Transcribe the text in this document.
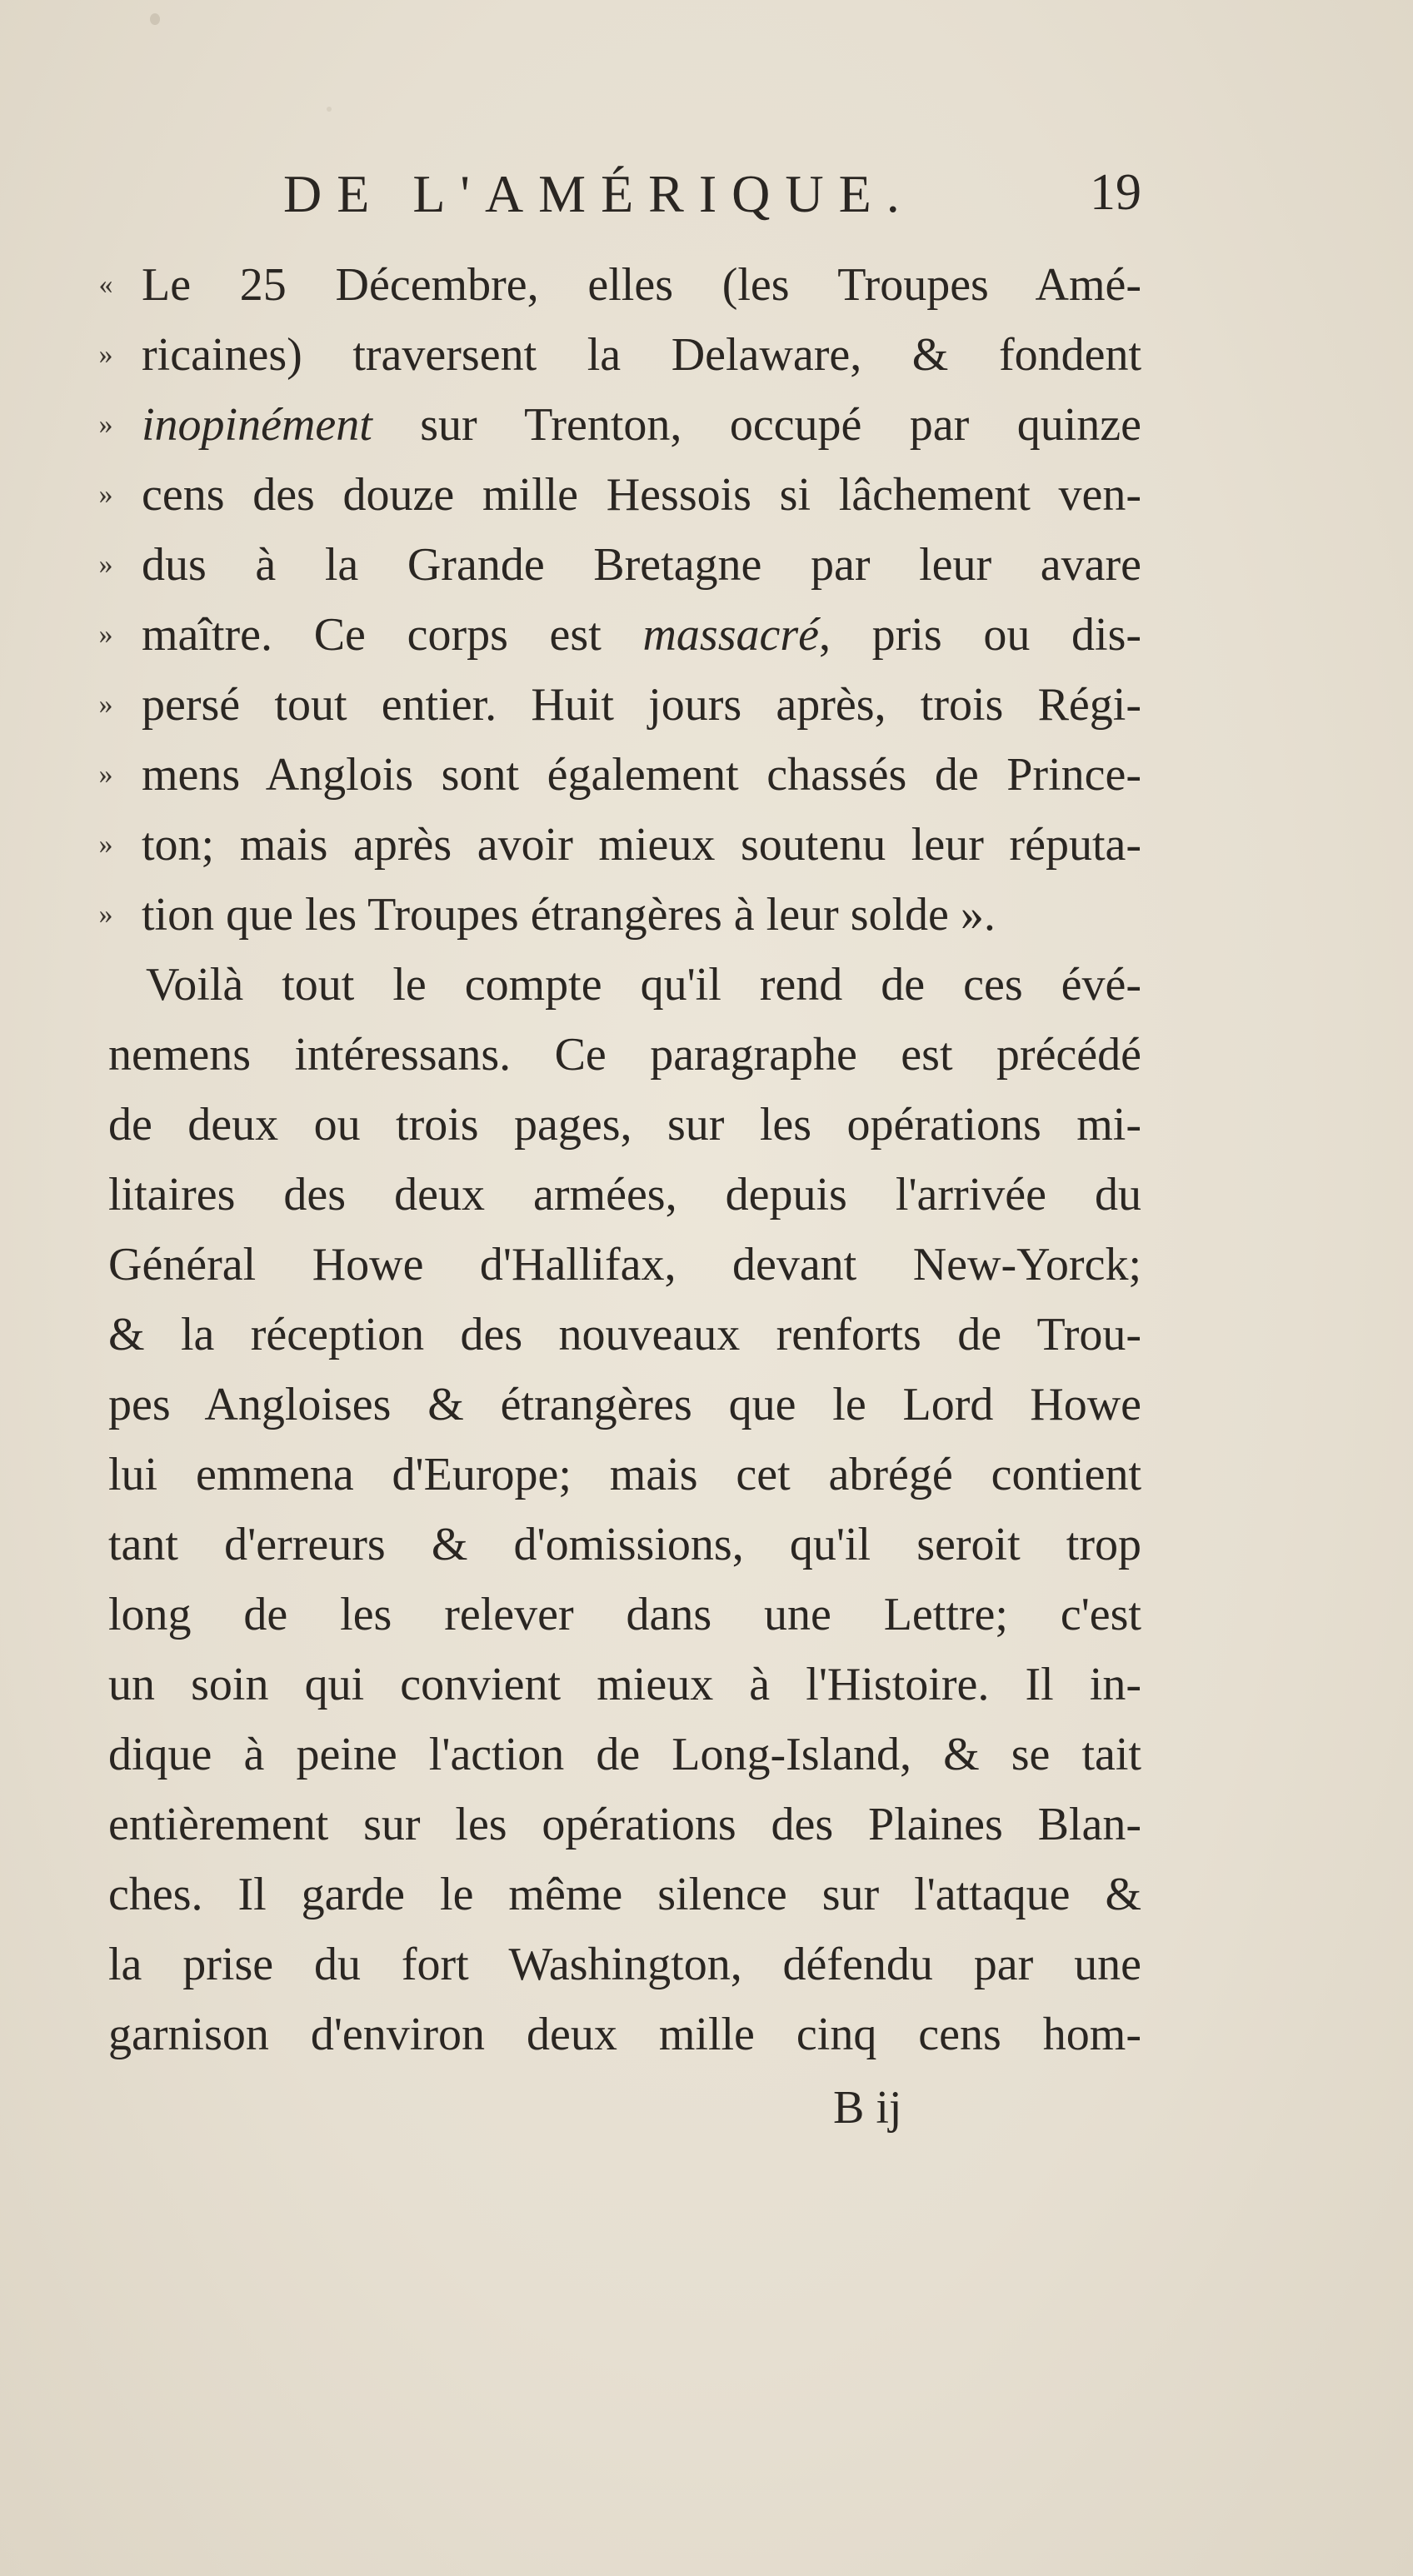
DE L'AMÉRIQUE.	19
« Le 25 Décembre, elles (les Troupes Amé-
» ricaines) traversent la Delaware, & fondent
» inopinément sur Trenton, occupé par quinze
» cens des douze mille Hessois si lâchement ven-
» dus à la Grande Bretagne par leur avare
» maître. Ce corps est massacré, pris ou dis-
» persé tout entier. Huit jours après, trois Régi-
» mens Anglois sont également chassés de Prince-
» ton; mais après avoir mieux soutenu leur réputa-
» tion que les Troupes étrangères à leur solde ».
Voilà tout le compte qu'il rend de ces évé-
nemens intéressans. Ce paragraphe est précédé
de deux ou trois pages, sur les opérations mi-
litaires des deux armées, depuis l'arrivée du
Général Howe d'Hallifax, devant New-Yorck;
& la réception des nouveaux renforts de Trou-
pes Angloises & étrangères que le Lord Howe
lui emmena d'Europe; mais cet abrégé contient
tant d'erreurs & d'omissions, qu'il seroit trop
long de les relever dans une Lettre; c'est
un soin qui convient mieux à l'Histoire. Il in-
dique à peine l'action de Long-Island, & se tait
entièrement sur les opérations des Plaines Blan-
ches. Il garde le même silence sur l'attaque &
la prise du fort Washington, défendu par une
garnison d'environ deux mille cinq cens hom-
B ij
